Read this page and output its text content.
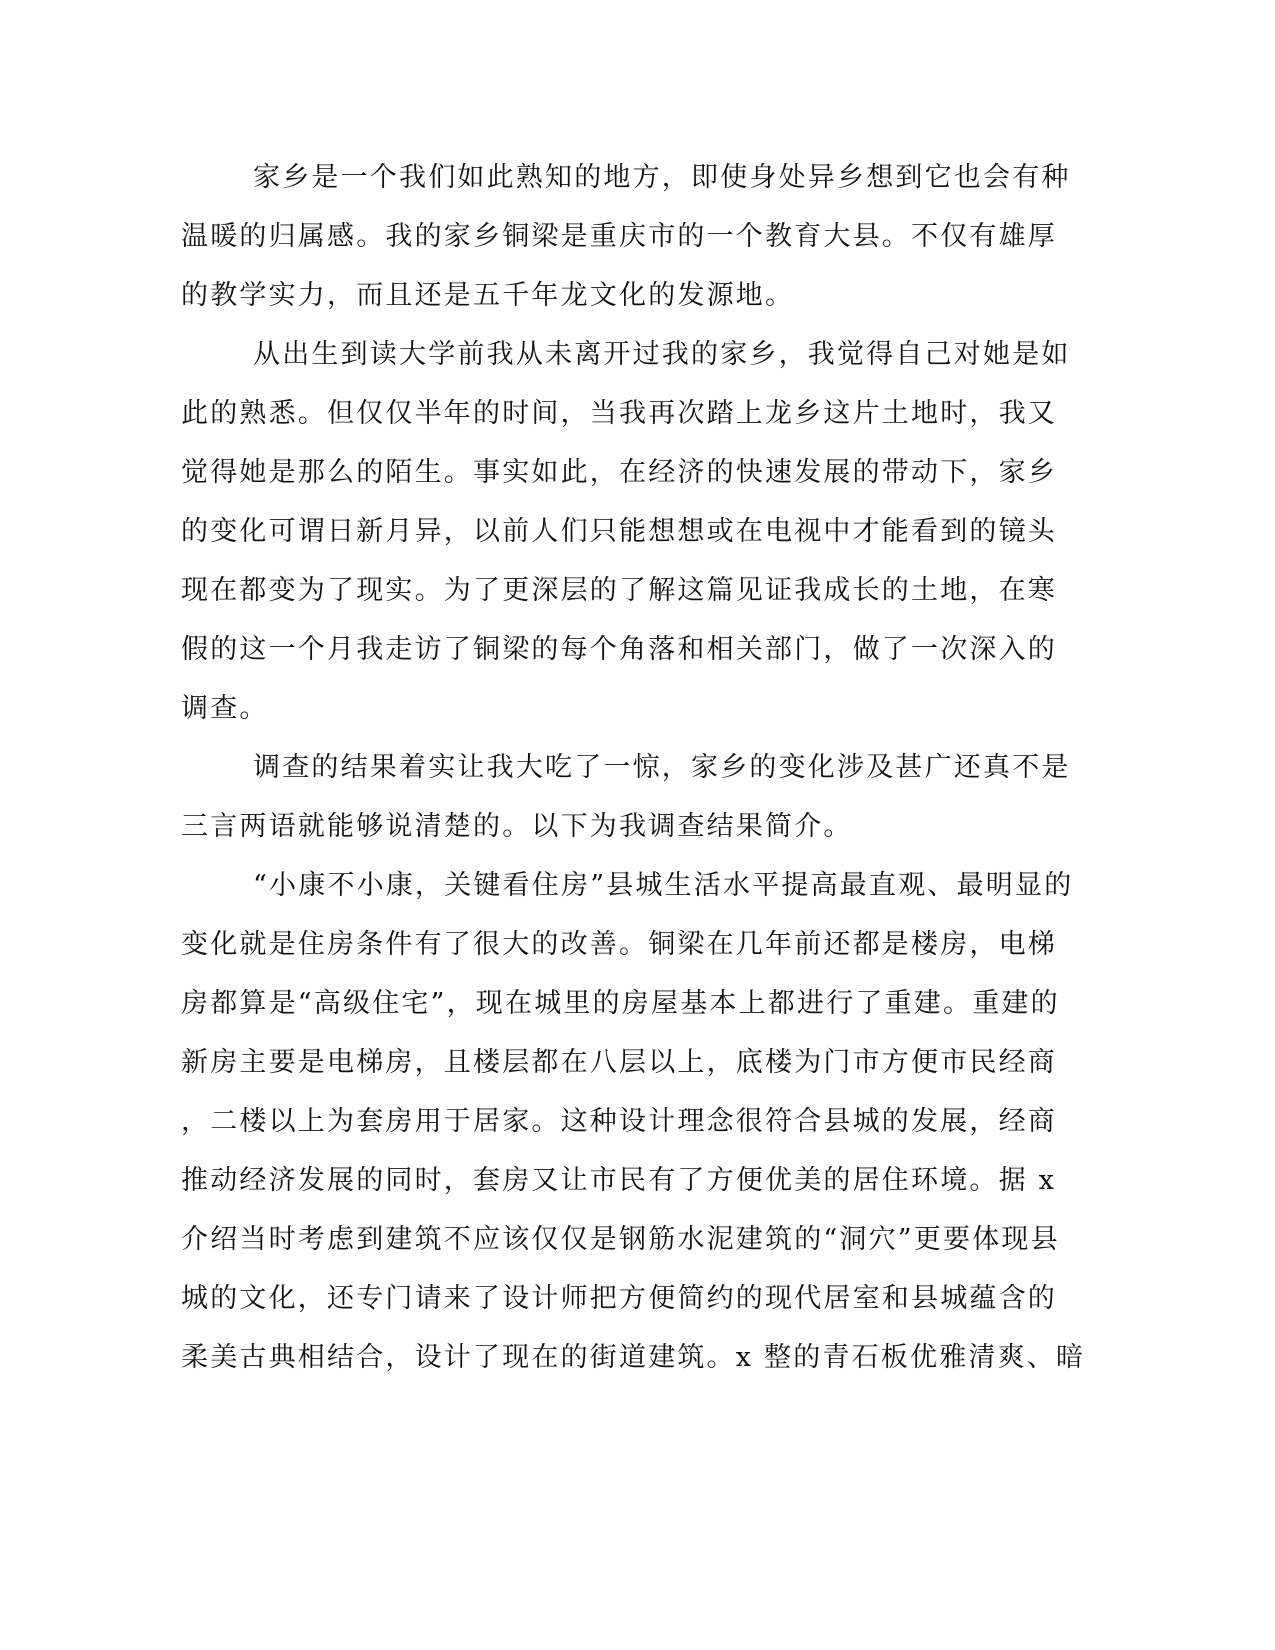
家乡是一个我们如此熟知的地方，即使身处异乡想到它也会有种
温暖的归属感。我的家乡铜梁是重庆市的一个教育大县。不仅有雄厚
的教学实力，而且还是五千年龙文化的发源地。
从出生到读大学前我从未离开过我的家乡，我觉得自己对她是如
此的熟悉。但仅仅半年的时间，当我再次踏上龙乡这片土地时，我又
觉得她是那么的陌生。事实如此，在经济的快速发展的带动下，家乡
的变化可谓日新月异，以前人们只能想想或在电视中才能看到的镜头
现在都变为了现实。为了更深层的了解这篇见证我成长的土地，在寒
假的这一个月我走访了铜梁的每个角落和相关部门，做了一次深入的
调查。
调查的结果着实让我大吃了一惊，家乡的变化涉及甚广还真不是
三言两语就能够说清楚的。以下为我调查结果简介。
“小康不小康，关键看住房”县城生活水平提高最直观、最明显的
变化就是住房条件有了很大的改善。铜梁在几年前还都是楼房，电梯
房都算是“高级住宅”，现在城里的房屋基本上都进行了重建。重建的
新房主要是电梯房，且楼层都在八层以上，底楼为门市方便市民经商
，二楼以上为套房用于居家。这种设计理念很符合县城的发展，经商
推动经济发展的同时，套房又让市民有了方便优美的居住环境。据 x
介绍当时考虑到建筑不应该仅仅是钢筋水泥建筑的“洞穴”更要体现县
城的文化，还专门请来了设计师把方便简约的现代居室和县城蕴含的
柔美古典相结合，设计了现在的街道建筑。x 整的青石板优雅清爽、暗
